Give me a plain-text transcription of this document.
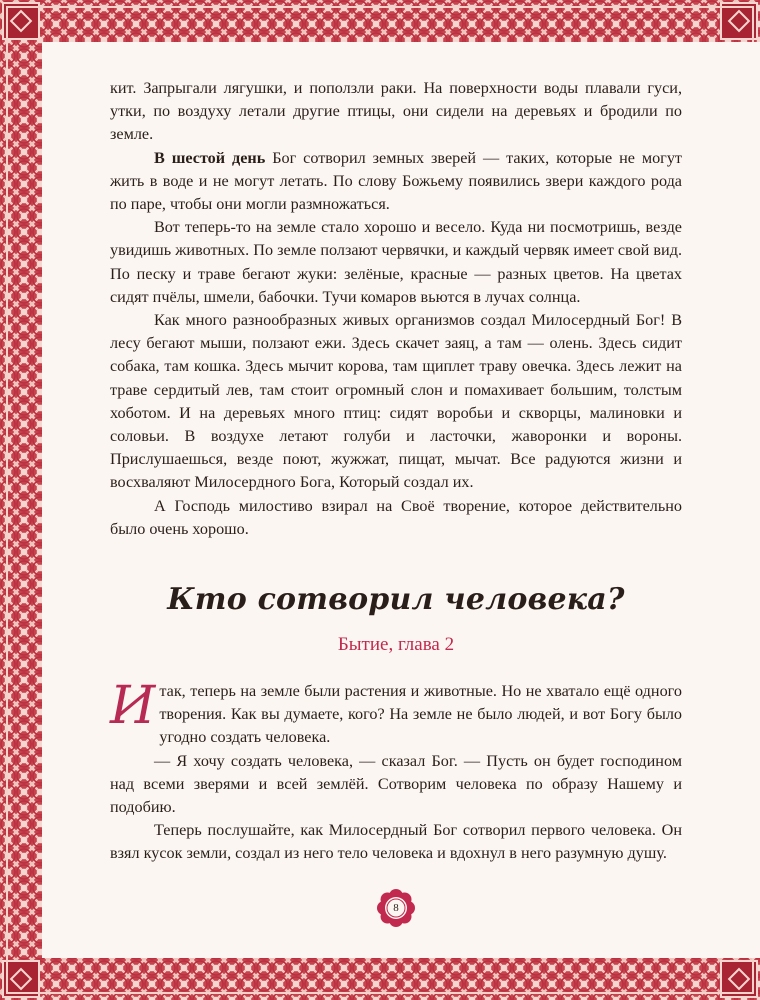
кит. Запрыгали лягушки, и поползли раки. На поверхности воды плавали гуси, утки, по воздуху летали другие птицы, они сидели на деревьях и бродили по земле.

В шестой день Бог сотворил земных зверей — таких, которые не могут жить в воде и не могут летать. По слову Божьему появились звери каждого рода по паре, чтобы они могли размножаться.

Вот теперь-то на земле стало хорошо и весело. Куда ни посмотришь, везде увидишь животных. По земле ползают червячки, и каждый червяк имеет свой вид. По песку и траве бегают жуки: зелёные, красные — разных цветов. На цветах сидят пчёлы, шмели, бабочки. Тучи комаров вьются в лучах солнца.

Как много разнообразных живых организмов создал Милосердный Бог! В лесу бегают мыши, ползают ежи. Здесь скачет заяц, а там — олень. Здесь сидит собака, там кошка. Здесь мычит корова, там щиплет траву овечка. Здесь лежит на траве сердитый лев, там стоит огромный слон и помахивает большим, толстым хоботом. И на деревьях много птиц: сидят воробьи и скворцы, малиновки и соловьи. В воздухе летают голуби и ласточки, жаворонки и вороны. Прислушаешься, везде поют, жужжат, пищат, мычат. Все радуются жизни и восхваляют Милосердного Бога, Который создал их.

А Господь милостиво взирал на Своё творение, которое действительно было очень хорошо.

Кто сотворил человека?
Бытие, глава 2

Итак, теперь на земле были растения и животные. Но не хватало ещё одного творения. Как вы думаете, кого? На земле не было людей, и вот Богу было угодно создать человека.

— Я хочу создать человека, — сказал Бог. — Пусть он будет господином над всеми зверями и всей землёй. Сотворим человека по образу Нашему и подобию.

Теперь послушайте, как Милосердный Бог сотворил первого человека. Он взял кусок земли, создал из него тело человека и вдохнул в него разумную душу.

8
